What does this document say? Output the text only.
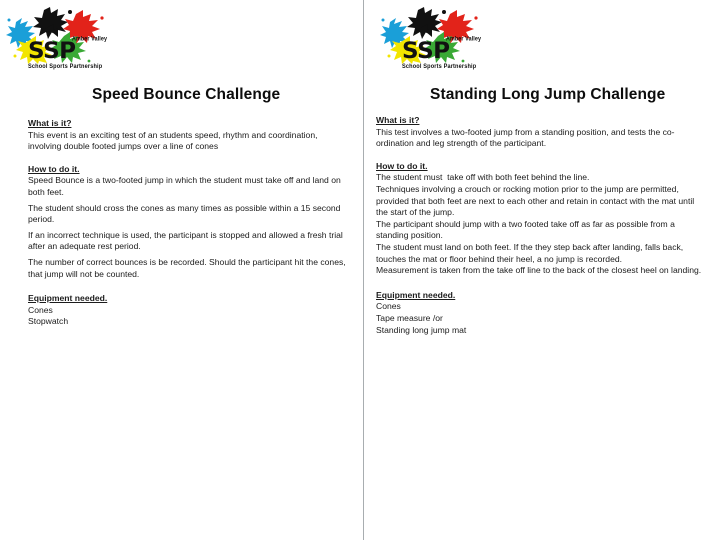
Amber Valley
SSP
School Sports Partnership
Speed Bounce Challenge
What is it?

This event is an exciting test of an students speed, rhythm and coordination, involving double footed jumps over a line of cones

How to do it.

Speed Bounce is a two-footed jump in which the student must take off and land on both feet.

The student should cross the cones as many times as possible within a 15 second period.

If an incorrect technique is used, the participant is stopped and allowed a fresh trial after an adequate rest period.

The number of correct bounces is be recorded. Should the participant hit the cones, that jump will not be counted.

Equipment needed.

Cones

Stopwatch

Amber Valley
SSP
School Sports Partnership
Standing Long Jump Challenge
What is it?

This test involves a two-footed jump from a standing position, and tests the co-ordination and leg strength of the participant.

How to do it.

The student must  take off with both feet behind the line.

Techniques involving a crouch or rocking motion prior to the jump are permitted, provided that both feet are next to each other and retain in contact with the mat until the start of the jump.

The participant should jump with a two footed take off as far as possible from a standing position.

The student must land on both feet. If the they step back after landing, falls back, touches the mat or floor behind their heel, a no jump is recorded.

Measurement is taken from the take off line to the back of the closest heel on landing.

Equipment needed.

Cones

Tape measure /or

Standing long jump mat
